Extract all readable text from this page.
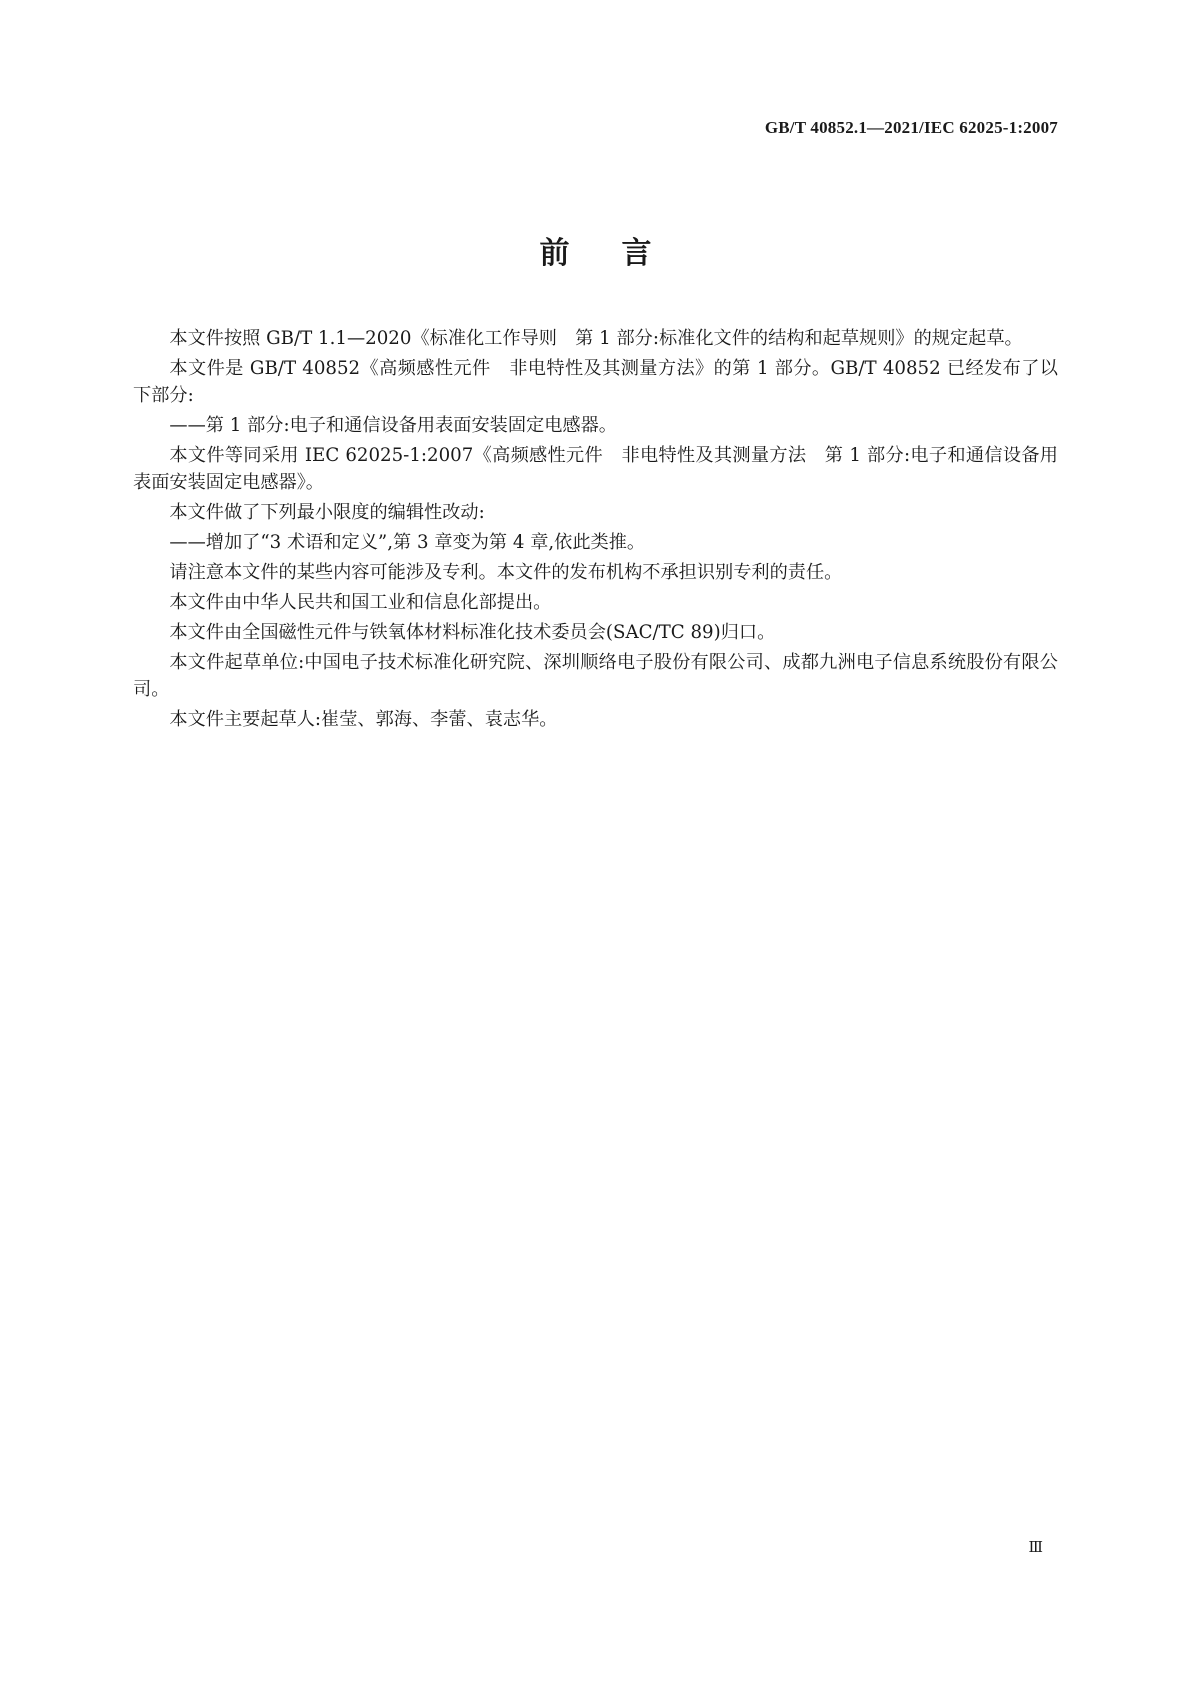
GB/T 40852.1—2021/IEC 62025-1:2007
前言

本文件按照 GB/T 1.1—2020《标准化工作导则　第 1 部分:标准化文件的结构和起草规则》的规定起草。

本文件是 GB/T 40852《高频感性元件　非电特性及其测量方法》的第 1 部分。GB/T 40852 已经发布了以下部分:

——第 1 部分:电子和通信设备用表面安装固定电感器。

本文件等同采用 IEC 62025-1:2007《高频感性元件　非电特性及其测量方法　第 1 部分:电子和通信设备用表面安装固定电感器》。

本文件做了下列最小限度的编辑性改动:

——增加了“3 术语和定义”,第 3 章变为第 4 章,依此类推。

请注意本文件的某些内容可能涉及专利。本文件的发布机构不承担识别专利的责任。

本文件由中华人民共和国工业和信息化部提出。

本文件由全国磁性元件与铁氧体材料标准化技术委员会(SAC/TC 89)归口。

本文件起草单位:中国电子技术标准化研究院、深圳顺络电子股份有限公司、成都九洲电子信息系统股份有限公司。

本文件主要起草人:崔莹、郭海、李蕾、袁志华。

Ⅲ
